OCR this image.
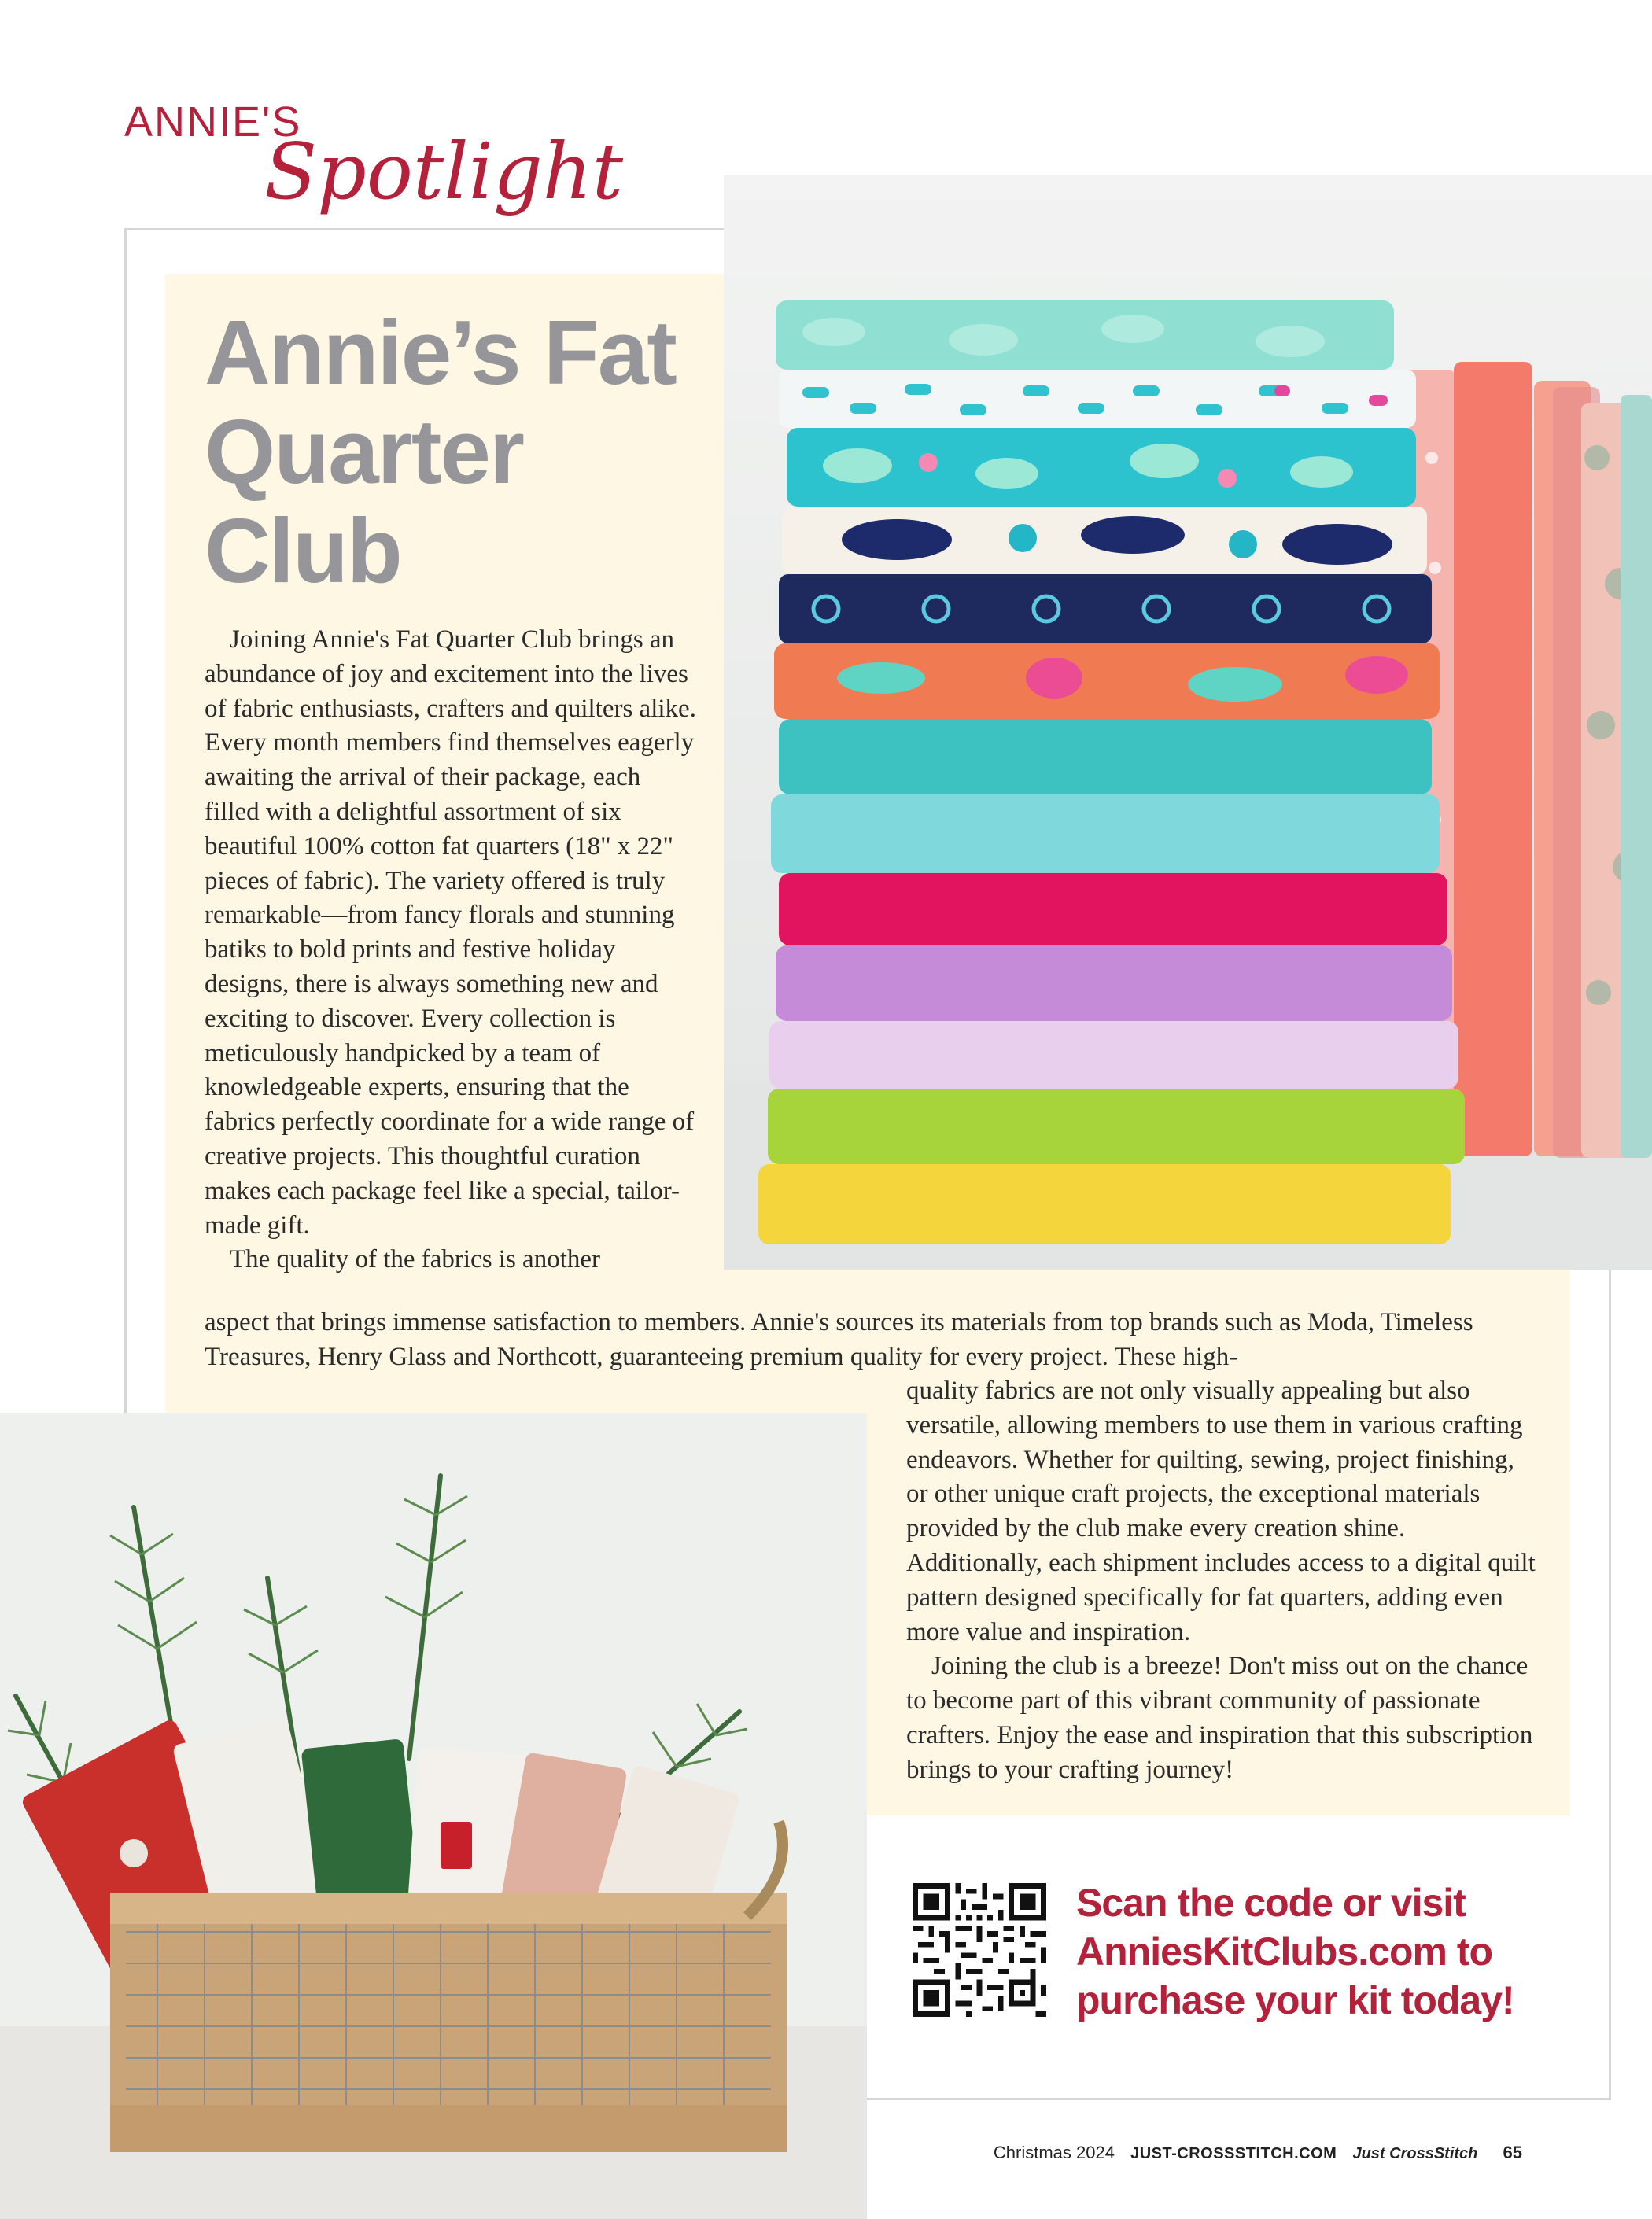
ANNIE'S
Spotlight
Annie’s Fat Quarter Club

Joining Annie's Fat Quarter Club brings an abundance of joy and excitement into the lives of fabric enthusiasts, crafters and quilters alike. Every month members find themselves eagerly awaiting the arrival of their package, each filled with a delightful assortment of six beautiful 100% cotton fat quarters (18" x 22" pieces of fabric). The variety offered is truly remarkable—from fancy florals and stunning batiks to bold prints and festive holiday designs, there is always something new and exciting to discover. Every collection is meticulously handpicked by a team of knowledgeable experts, ensuring that the fabrics perfectly coordinate for a wide range of creative projects. This thoughtful curation makes each package feel like a special, tailor-made gift.

The quality of the fabrics is another

aspect that brings immense satisfaction to members. Annie's sources its materials from top brands such as Moda, Timeless Treasures, Henry Glass and Northcott, guaranteeing premium quality for every project. These high-

quality fabrics are not only visually appealing but also versatile, allowing members to use them in various crafting endeavors. Whether for quilting, sewing, project finishing, or other unique craft projects, the exceptional materials provided by the club make every creation shine. Additionally, each shipment includes access to a digital quilt pattern designed specifically for fat quarters, adding even more value and inspiration.

Joining the club is a breeze! Don't miss out on the chance to become part of this vibrant community of passionate crafters. Enjoy the ease and inspiration that this subscription brings to your crafting journey!

Scan the code or visit AnniesKitClubs.com to purchase your kit today!
Christmas 2024 JUST-CROSSSTITCH.COM Just CrossStitch 65
